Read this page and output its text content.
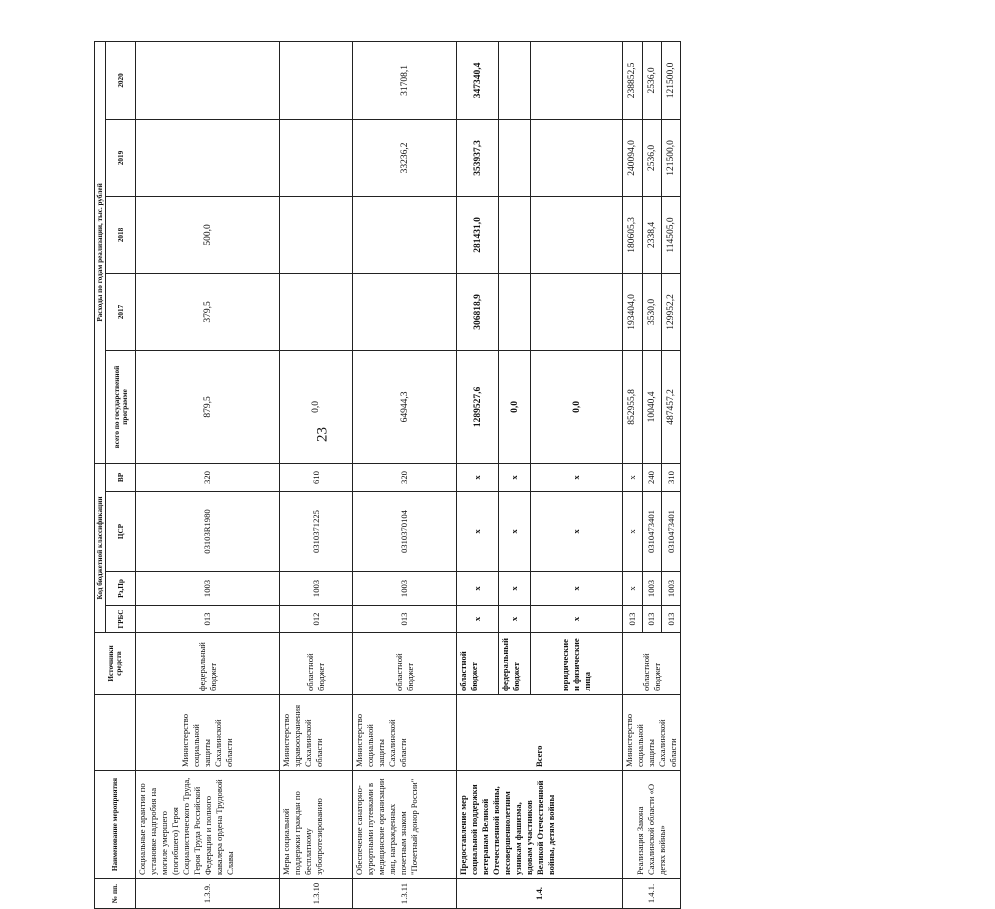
23
№ пп.	Наименование мероприятия		Источники средств	Код бюджетной классификации				Расходы по годам реализации, тыс. рублей				
				ГРБС	Рз,Пр	ЦСР	ВР	всего по государственной программе	2017	2018	2019	2020
1.3.9.	Социальные гарантии по установке надгробия на могиле умершего (погибшего) Героя Социалистического Труда, Героя Труда Российской Федерации и полного кавалера ордена Трудовой Славы	Министерство социальной защиты Сахалинской области	федеральный бюджет	013	1003	03103R1980	320	879,5	379,5	500,0		
1.3.10	Меры социальной поддержки граждан по бесплатному зубопротезированию	Министерство здравоохранения Сахалинской области	областной бюджет	012	1003	0310371225	610	0,0				
1.3.11	Обеспечение санаторно-курортными путевками в медицинские организации лиц, награжденных почетным знаком "Почетный донор России"	Министерство социальной защиты Сахалинской области	областной бюджет	013	1003	0310370104	320	64944,3			33236,2	31708,1
1.4.	Предоставление мер социальной поддержки ветеранам Великой Отечественной войны, несовершеннолетним узникам фашизма, вдовам участников Великой Отечественной войны, детям войны	Всего	областной бюджет	x	x	x	x	1289527,6	306818,9	281431,0	353937,3	347340,4
			федеральный бюджет	x	x	x	x	0,0				
			юридические и физические лица	x	x	x	x	0,0				
1.4.1.	Реализация Закона Сахалинской области «О детях войны»	Министерство социальной защиты Сахалинской области	областной бюджет	013	x	x	x	852955,8	193404,0	180605,3	240094,0	238852,5
				013	1003	0310473401	240	10040,4	3530,0	2338,4	2536,0	2536,0
				013	1003	0310473401	310	487457,2	129952,2	114505,0	121500,0	121500,0
